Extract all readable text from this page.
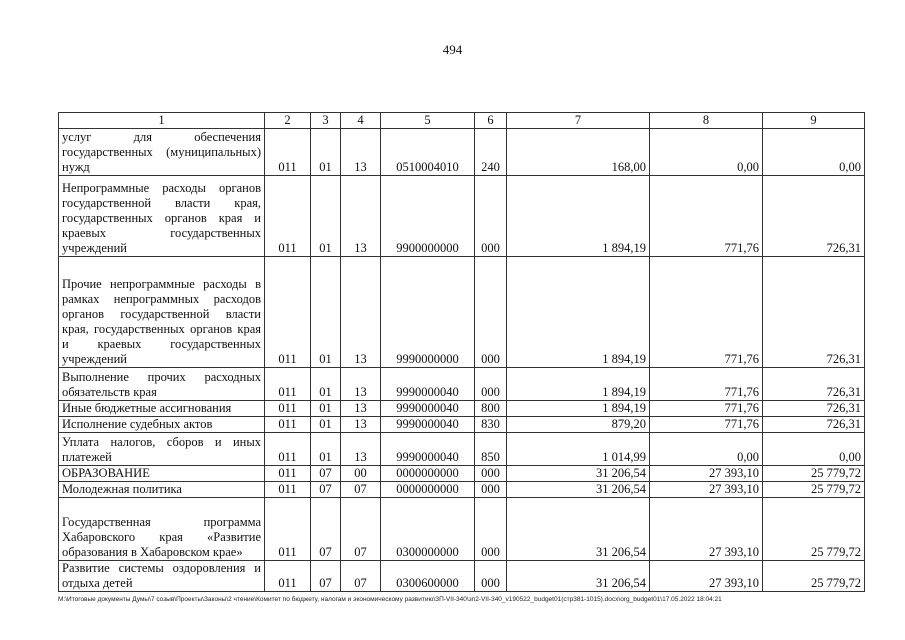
494
1	2	3	4	5	6	7	8	9
услуг для обеспечения государственных (муниципальных) нужд	011	01	13	0510004010	240	168,00	0,00	0,00
Непрограммные расходы органов государственной власти края, государственных органов края и краевых государственных учреждений	011	01	13	9900000000	000	1 894,19	771,76	726,31
Прочие непрограммные расходы в рамках непрограммных расходов органов государственной власти края, государственных органов края и краевых государственных учреждений	011	01	13	9990000000	000	1 894,19	771,76	726,31
Выполнение прочих расходных обязательств края	011	01	13	9990000040	000	1 894,19	771,76	726,31
Иные бюджетные ассигнования	011	01	13	9990000040	800	1 894,19	771,76	726,31
Исполнение судебных актов	011	01	13	9990000040	830	879,20	771,76	726,31
Уплата налогов, сборов и иных платежей	011	01	13	9990000040	850	1 014,99	0,00	0,00
ОБРАЗОВАНИЕ	011	07	00	0000000000	000	31 206,54	27 393,10	25 779,72
Молодежная политика	011	07	07	0000000000	000	31 206,54	27 393,10	25 779,72
Государственная программа Хабаровского края «Развитие образования в Хабаровском крае»	011	07	07	0300000000	000	31 206,54	27 393,10	25 779,72
Развитие системы оздоровления и отдыха детей	011	07	07	0300600000	000	31 206,54	27 393,10	25 779,72
M:\Итоговые документы Думы\7 созыв\Проекты\Законы\2 чтение\Комитет по бюджету, налогам и экономическому развитию\ЗП-VII-340\зп2-VII-340_v190522_budget01(стр381-1015).docx\org_budget01\17.05.2022 18:04:21
